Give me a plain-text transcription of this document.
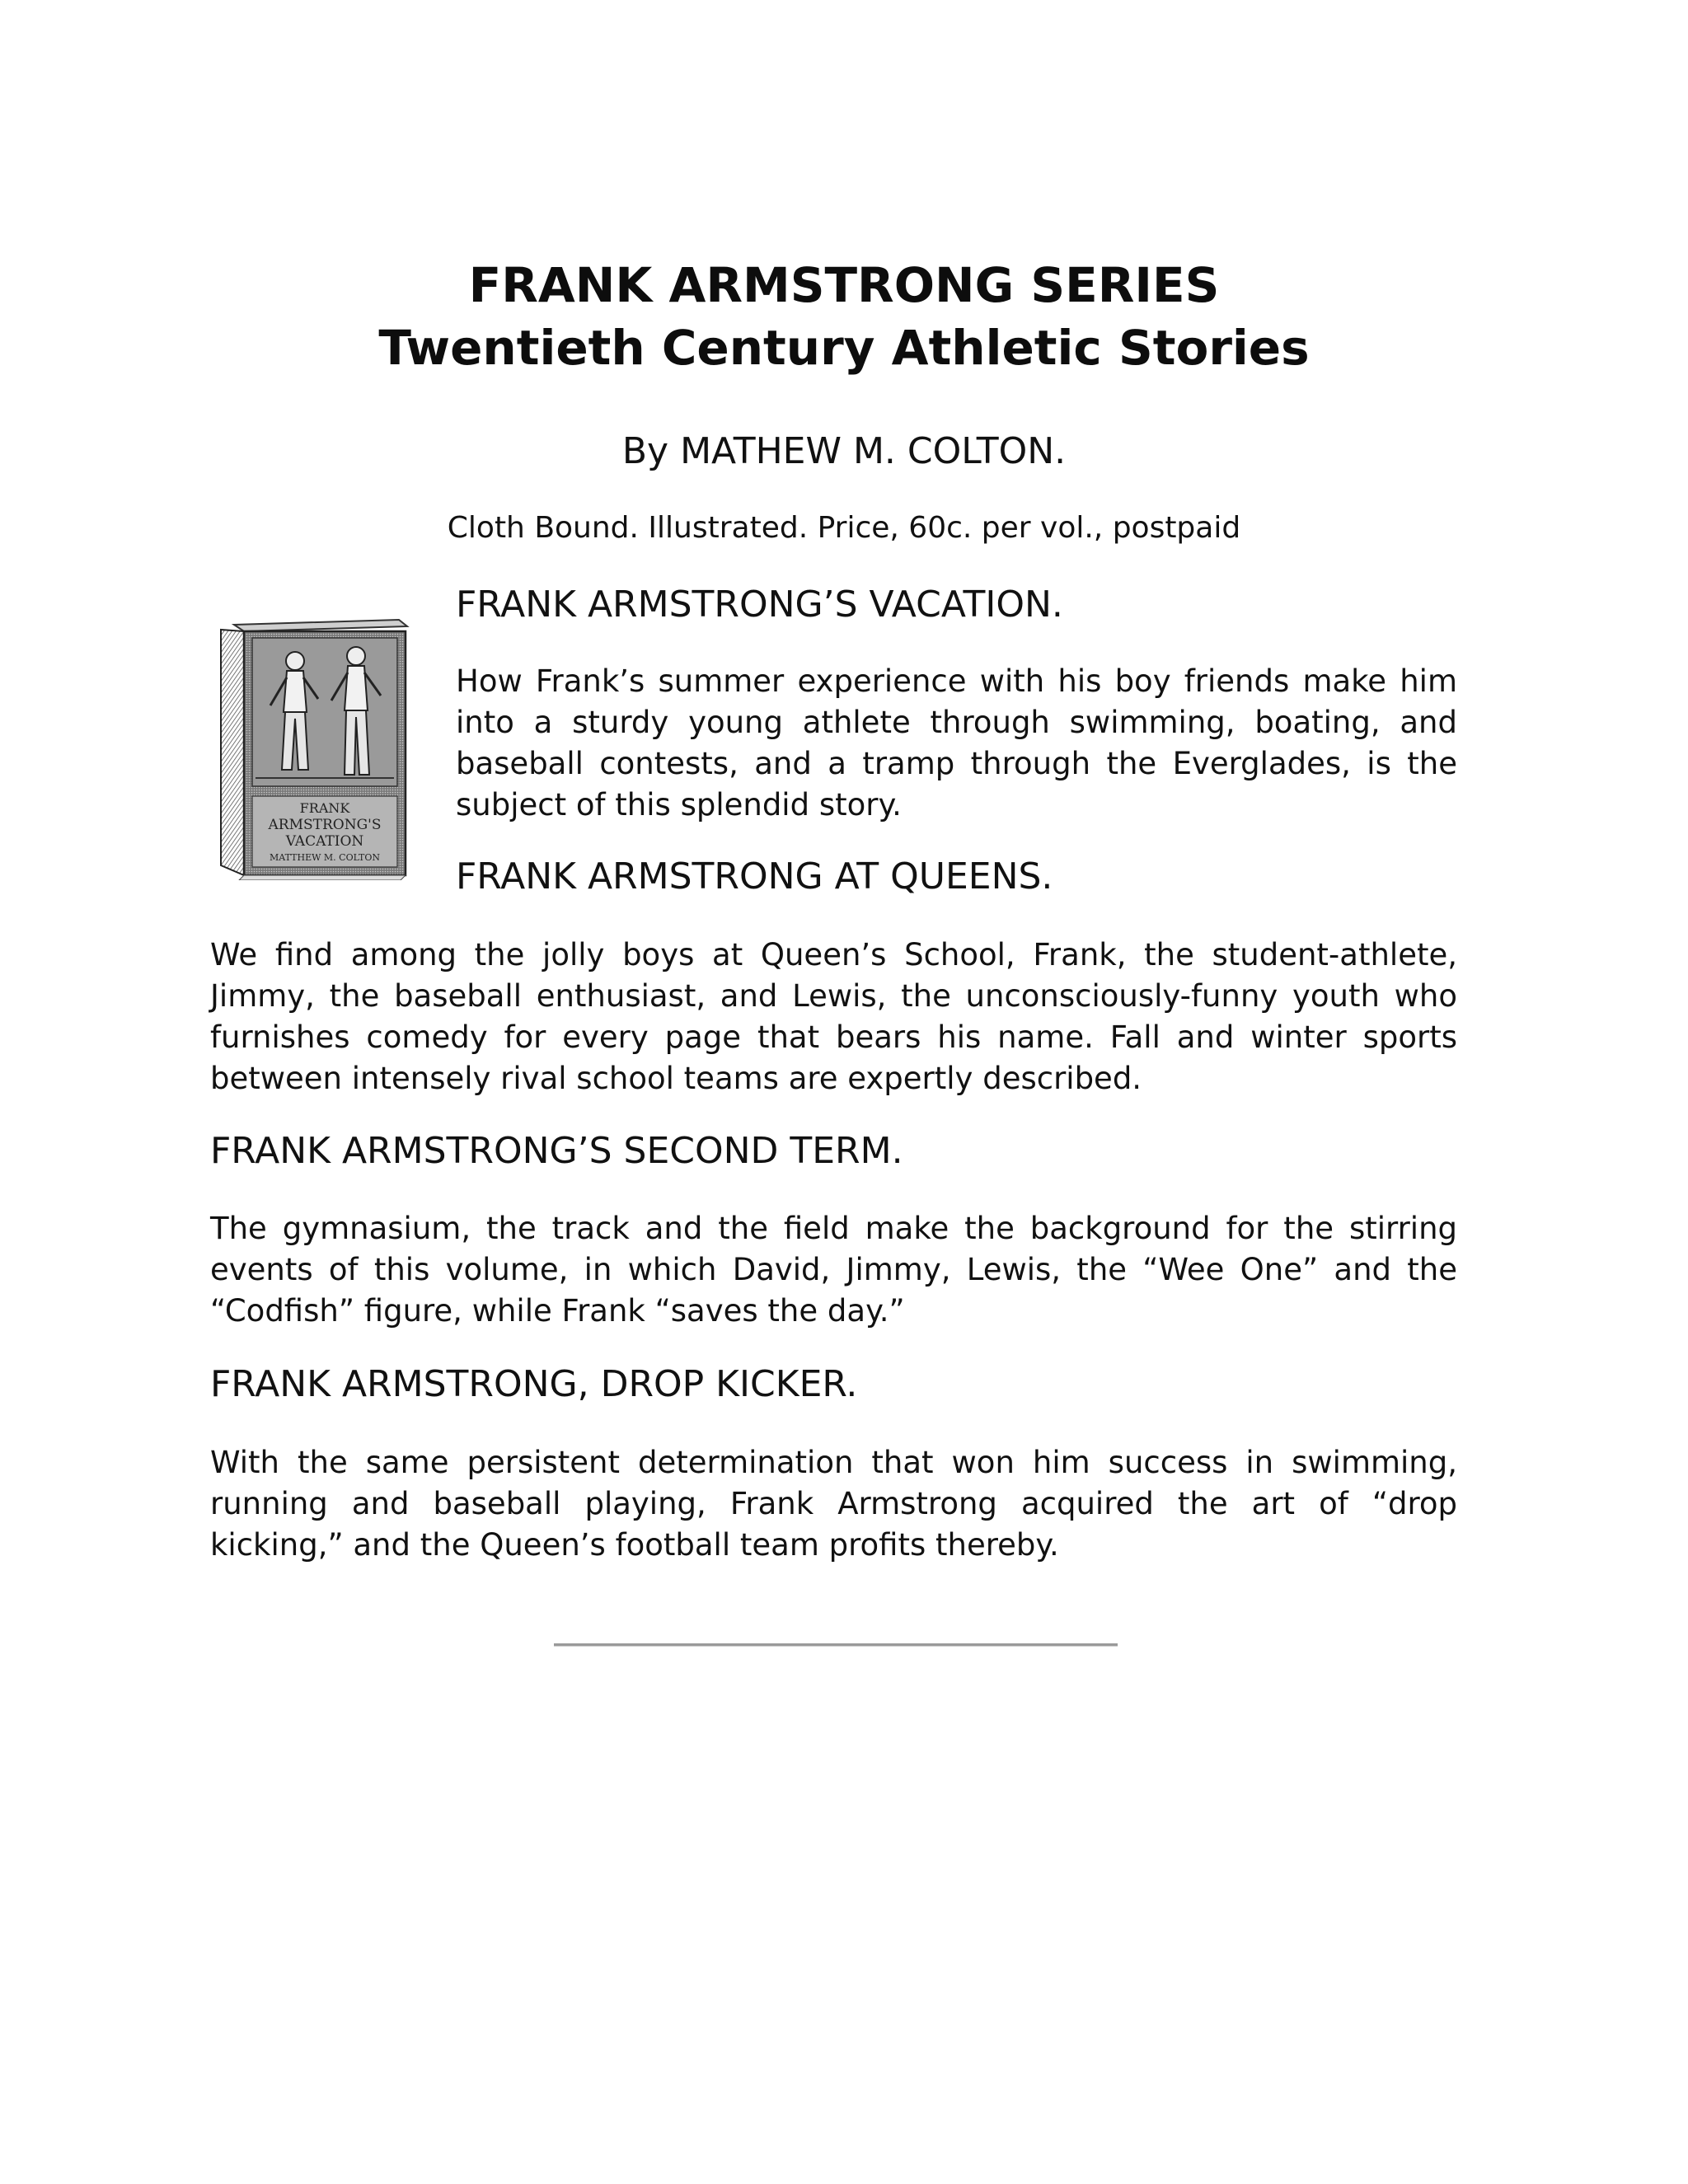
FRANK ARMSTRONG SERIES
Twentieth Century Athletic Stories
By MATHEW M. COLTON.
Cloth Bound. Illustrated. Price, 60c. per vol., postpaid
FRANK
ARMSTRONG'S
VACATION
MATTHEW M. COLTON
FRANK ARMSTRONG’S VACATION.

How Frank’s summer experience with his boy friends make him into a sturdy young athlete through swimming, boating, and baseball contests, and a tramp through the Everglades, is the subject of this splendid story.

FRANK ARMSTRONG AT QUEENS.

We find among the jolly boys at Queen’s School, Frank, the student-athlete, Jimmy, the baseball enthusiast, and Lewis, the unconsciously-funny youth who furnishes comedy for every page that bears his name. Fall and winter sports between intensely rival school teams are expertly described.

FRANK ARMSTRONG’S SECOND TERM.

The gymnasium, the track and the field make the background for the stirring events of this volume, in which David, Jimmy, Lewis, the “Wee One” and the “Codfish” figure, while Frank “saves the day.”

FRANK ARMSTRONG, DROP KICKER.

With the same persistent determination that won him success in swimming, running and baseball playing, Frank Armstrong acquired the art of “drop kicking,” and the Queen’s football team profits thereby.
